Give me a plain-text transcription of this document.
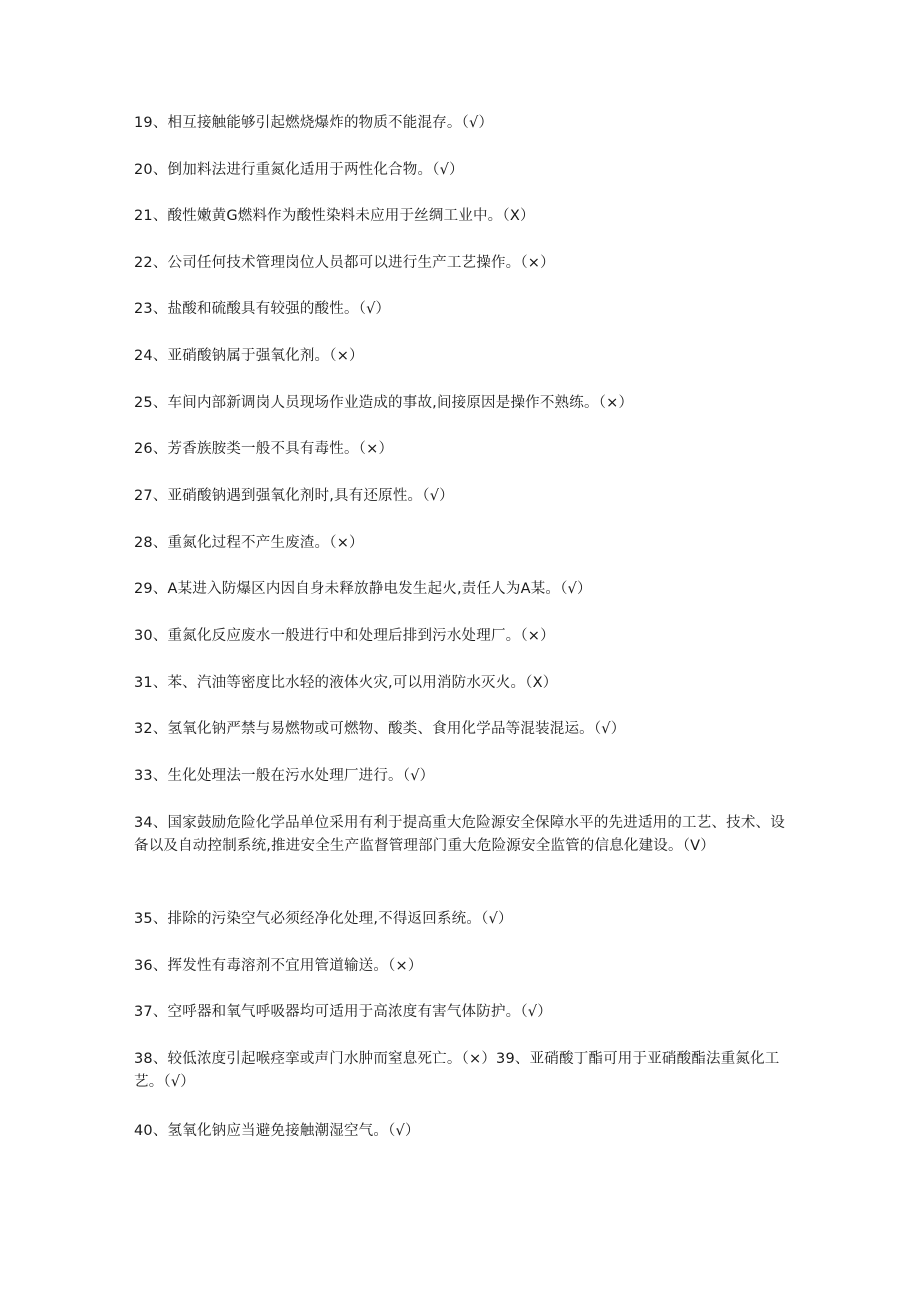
19、相互接触能够引起燃烧爆炸的物质不能混存。（√）
20、倒加料法进行重氮化适用于两性化合物。（√）
21、酸性嫩黄G燃料作为酸性染料未应用于丝绸工业中。（X）
22、公司任何技术管理岗位人员都可以进行生产工艺操作。（×）
23、盐酸和硫酸具有较强的酸性。（√）
24、亚硝酸钠属于强氧化剂。（×）
25、车间内部新调岗人员现场作业造成的事故,间接原因是操作不熟练。（×）
26、芳香族胺类一般不具有毒性。（×）
27、亚硝酸钠遇到强氧化剂时,具有还原性。（√）
28、重氮化过程不产生废渣。（×）
29、A某进入防爆区内因自身未释放静电发生起火,责任人为A某。（√）
30、重氮化反应废水一般进行中和处理后排到污水处理厂。（×）
31、苯、汽油等密度比水轻的液体火灾,可以用消防水灭火。（X）
32、氢氧化钠严禁与易燃物或可燃物、酸类、食用化学品等混装混运。（√）
33、生化处理法一般在污水处理厂进行。（√）
34、国家鼓励危险化学品单位采用有利于提高重大危险源安全保障水平的先进适用的工艺、技术、设备以及自动控制系统,推进安全生产监督管理部门重大危险源安全监管的信息化建设。（V）
35、排除的污染空气必须经净化处理,不得返回系统。（√）
36、挥发性有毒溶剂不宜用管道输送。（×）
37、空呼器和氧气呼吸器均可适用于高浓度有害气体防护。（√）
38、较低浓度引起喉痉挛或声门水肿而窒息死亡。（×）39、亚硝酸丁酯可用于亚硝酸酯法重氮化工艺。（√）
40、氢氧化钠应当避免接触潮湿空气。（√）
